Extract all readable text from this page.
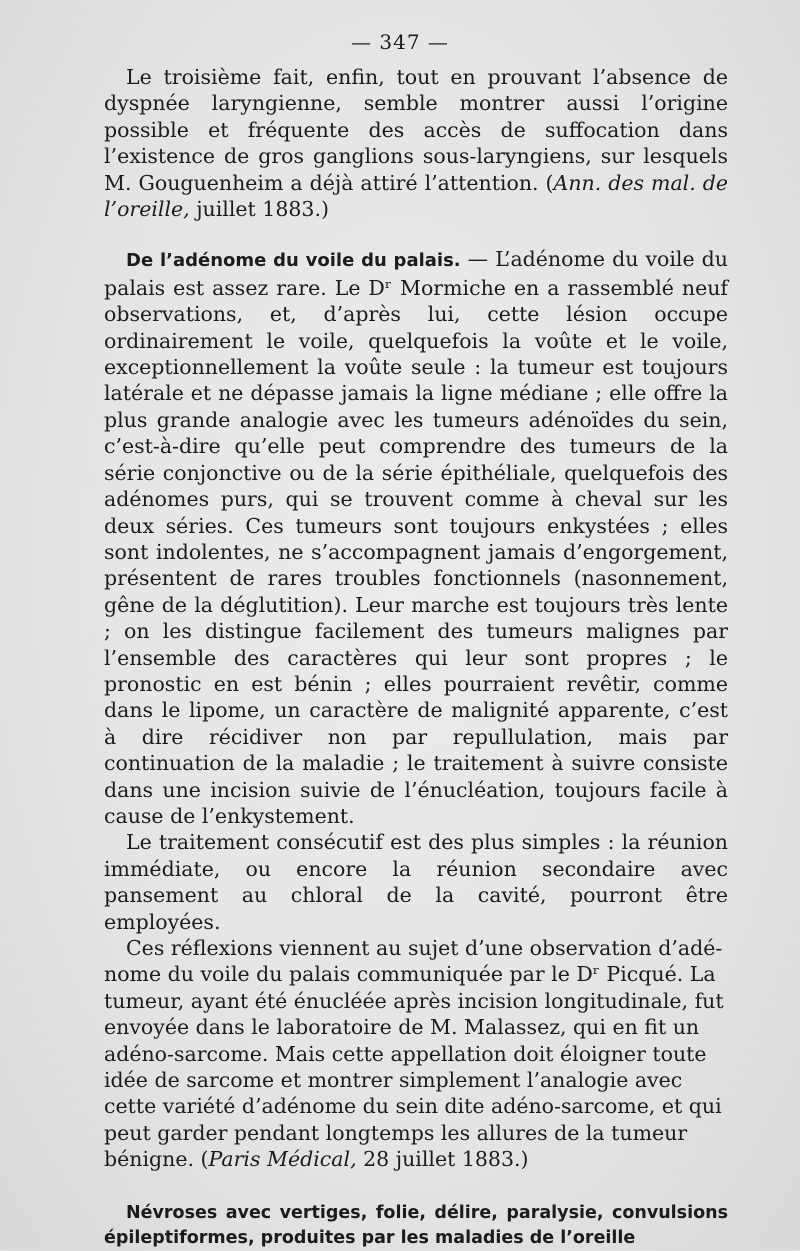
— 347 —

Le troisième fait, enfin, tout en prouvant l’absence de dyspnée laryngienne, semble montrer aussi l’origine possible et fréquente des accès de suffocation dans l’existence de gros ganglions sous-laryngiens, sur lesquels M. Gouguenheim a déjà attiré l’attention. (Ann. des mal. de l’oreille, juillet 1883.)

De l’adénome du voile du palais. — L’adénome du voile du palais est assez rare. Le Dʳ Mormiche en a rassemblé neuf observations, et, d’après lui, cette lésion occupe ordinairement le voile, quelquefois la voûte et le voile, exceptionnellement la voûte seule : la tumeur est toujours latérale et ne dépasse jamais la ligne médiane ; elle offre la plus grande analogie avec les tumeurs adénoïdes du sein, c’est-à-dire qu’elle peut comprendre des tumeurs de la série conjonctive ou de la série épithéliale, quelquefois des adénomes purs, qui se trouvent comme à cheval sur les deux séries. Ces tumeurs sont toujours enkystées ; elles sont indolentes, ne s’accompagnent jamais d’engorgement, présentent de rares troubles fonctionnels (nasonnement, gêne de la déglutition). Leur marche est toujours très lente ; on les distingue facilement des tumeurs malignes par l’ensemble des caractères qui leur sont propres ; le pronostic en est bénin ; elles pourraient revêtir, comme dans le lipome, un caractère de malignité apparente, c’est à dire récidiver non par repullulation, mais par continuation de la maladie ; le traitement à suivre consiste dans une incision suivie de l’énucléation, toujours facile à cause de l’enkystement.

Le traitement consécutif est des plus simples : la réunion immédiate, ou encore la réunion secondaire avec pansement au chloral de la cavité, pourront être employées.

Ces réflexions viennent au sujet d’une observation d’adénome du voile du palais communiquée par le Dʳ Picqué. La tumeur, ayant été énucléée après incision longitudinale, fut envoyée dans le laboratoire de M. Malassez, qui en fit un adéno-sarcome. Mais cette appellation doit éloigner toute idée de sarcome et montrer simplement l’analogie avec cette variété d’adénome du sein dite adéno-sarcome, et qui peut garder pendant longtemps les allures de la tumeur bénigne. (Paris Médical, 28 juillet 1883.)

Névroses avec vertiges, folie, délire, paralysie, convulsions épileptiformes, produites par les maladies de l’oreille
